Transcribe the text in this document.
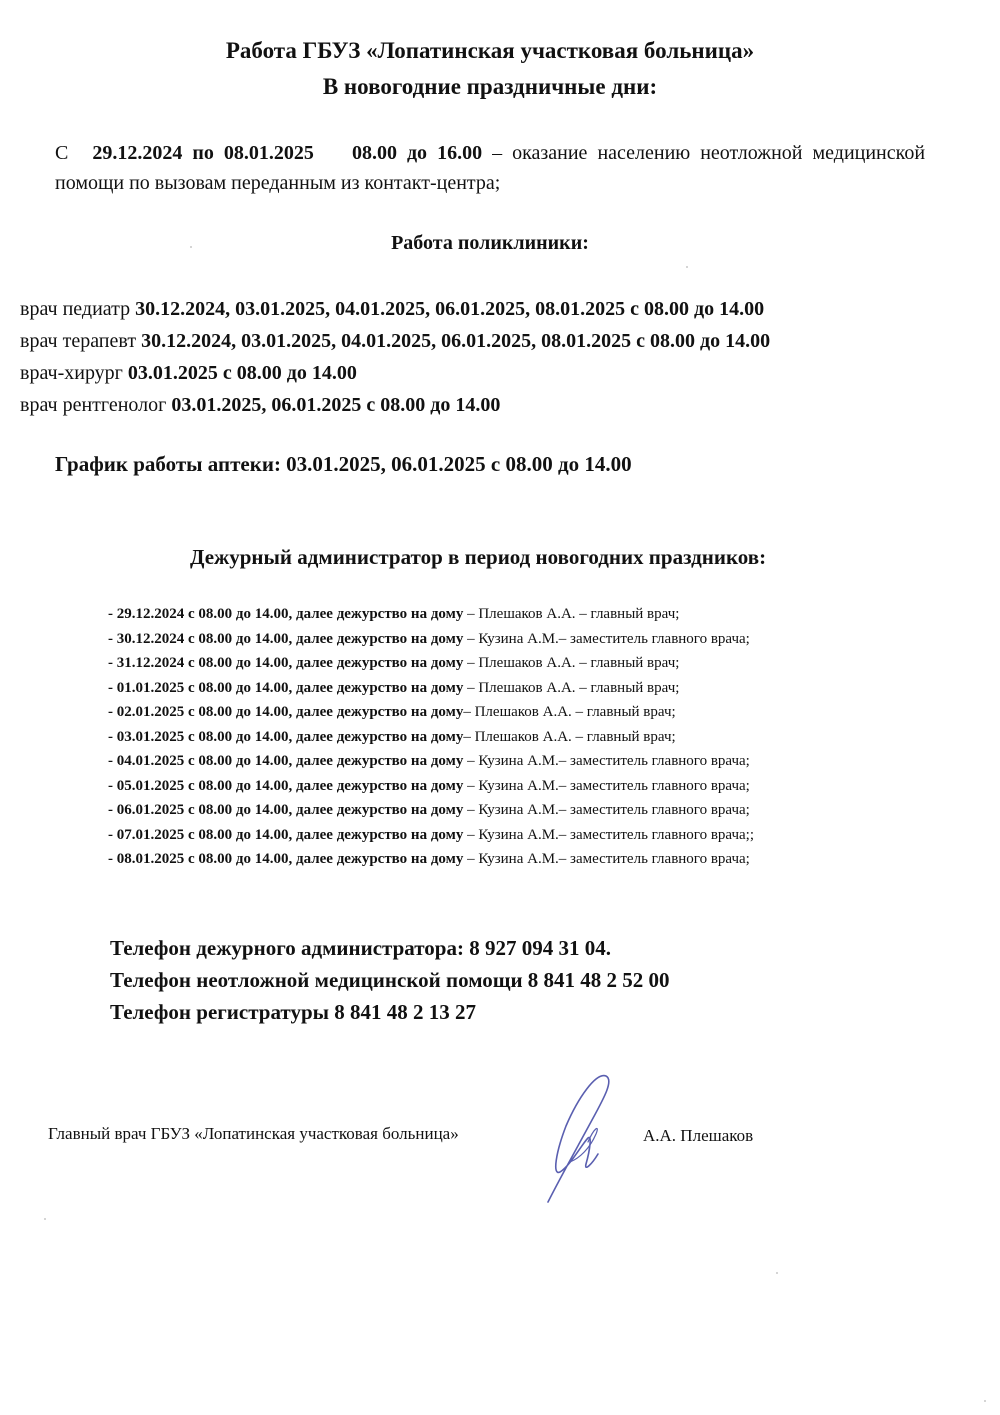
Работа ГБУЗ «Лопатинская участковая больница»
В новогодние праздничные дни:
С 29.12.2024 по 08.01.2025 08.00 до 16.00 – оказание населению неотложной медицинской помощи по вызовам переданным из контакт-центра;
Работа поликлиники:
врач педиатр 30.12.2024, 03.01.2025, 04.01.2025, 06.01.2025, 08.01.2025 с 08.00 до 14.00
врач терапевт 30.12.2024, 03.01.2025, 04.01.2025, 06.01.2025, 08.01.2025 с 08.00 до 14.00
врач-хирург 03.01.2025 с 08.00 до 14.00
врач рентгенолог 03.01.2025, 06.01.2025 с 08.00 до 14.00
График работы аптеки: 03.01.2025, 06.01.2025 с 08.00 до 14.00
Дежурный администратор в период новогодних праздников:
- 29.12.2024 с 08.00 до 14.00, далее дежурство на дому – Плешаков А.А. – главный врач;
- 30.12.2024 с 08.00 до 14.00, далее дежурство на дому – Кузина А.М.– заместитель главного врача;
- 31.12.2024 с 08.00 до 14.00, далее дежурство на дому – Плешаков А.А. – главный врач;
- 01.01.2025 с 08.00 до 14.00, далее дежурство на дому – Плешаков А.А. – главный врач;
- 02.01.2025 с 08.00 до 14.00, далее дежурство на дому– Плешаков А.А. – главный врач;
- 03.01.2025 с 08.00 до 14.00, далее дежурство на дому– Плешаков А.А. – главный врач;
- 04.01.2025 с 08.00 до 14.00, далее дежурство на дому – Кузина А.М.– заместитель главного врача;
- 05.01.2025 с 08.00 до 14.00, далее дежурство на дому – Кузина А.М.– заместитель главного врача;
- 06.01.2025 с 08.00 до 14.00, далее дежурство на дому – Кузина А.М.– заместитель главного врача;
- 07.01.2025 с 08.00 до 14.00, далее дежурство на дому – Кузина А.М.– заместитель главного врача;;
- 08.01.2025 с 08.00 до 14.00, далее дежурство на дому – Кузина А.М.– заместитель главного врача;
Телефон дежурного администратора: 8 927 094 31 04.
Телефон неотложной медицинской помощи 8 841 48 2 52 00
Телефон регистратуры 8 841 48 2 13 27
Главный врач ГБУЗ «Лопатинская участковая больница»	А.А. Плешаков
